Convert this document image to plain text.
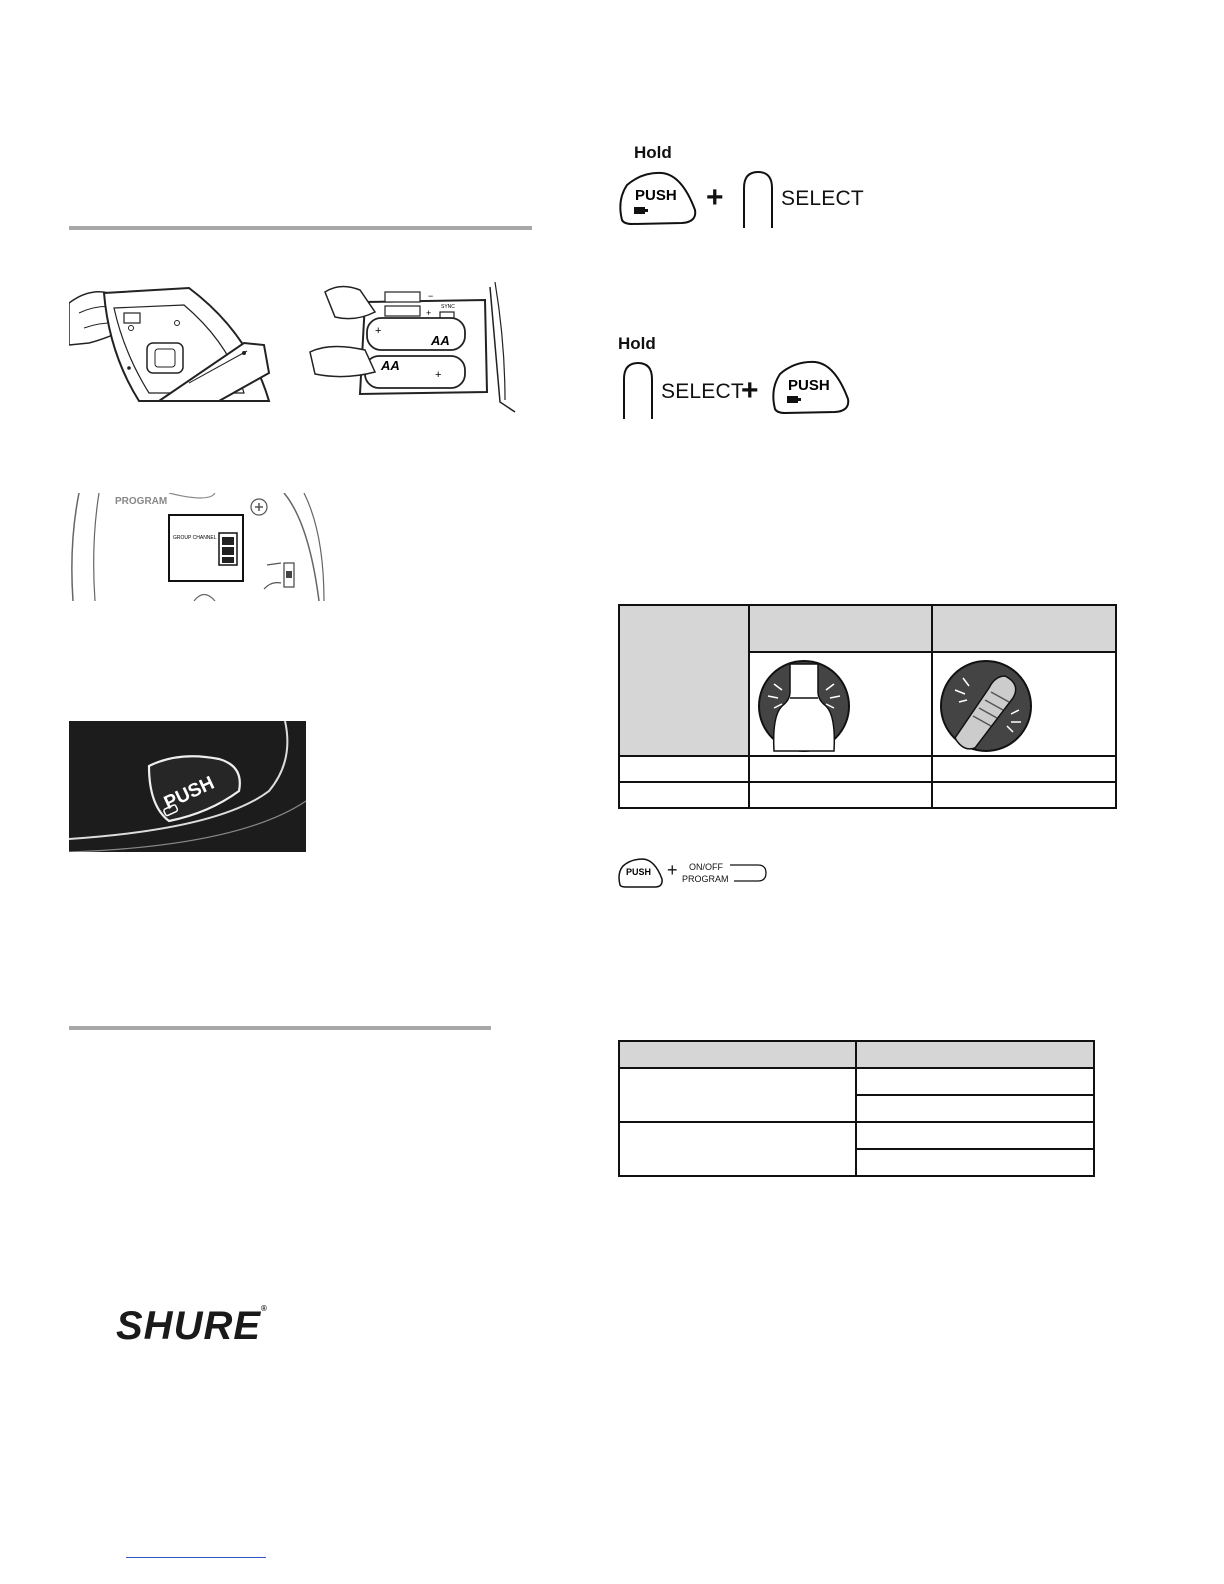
−
+
SYNC
+
AA
AA
+
PROGRAM
GROUP CHANNEL
PUSH
Hold
PUSH +	SELECT
Hold
SELECT
+ PUSH

PUSH + ON/OFF
PROGRAM

SHURE®
